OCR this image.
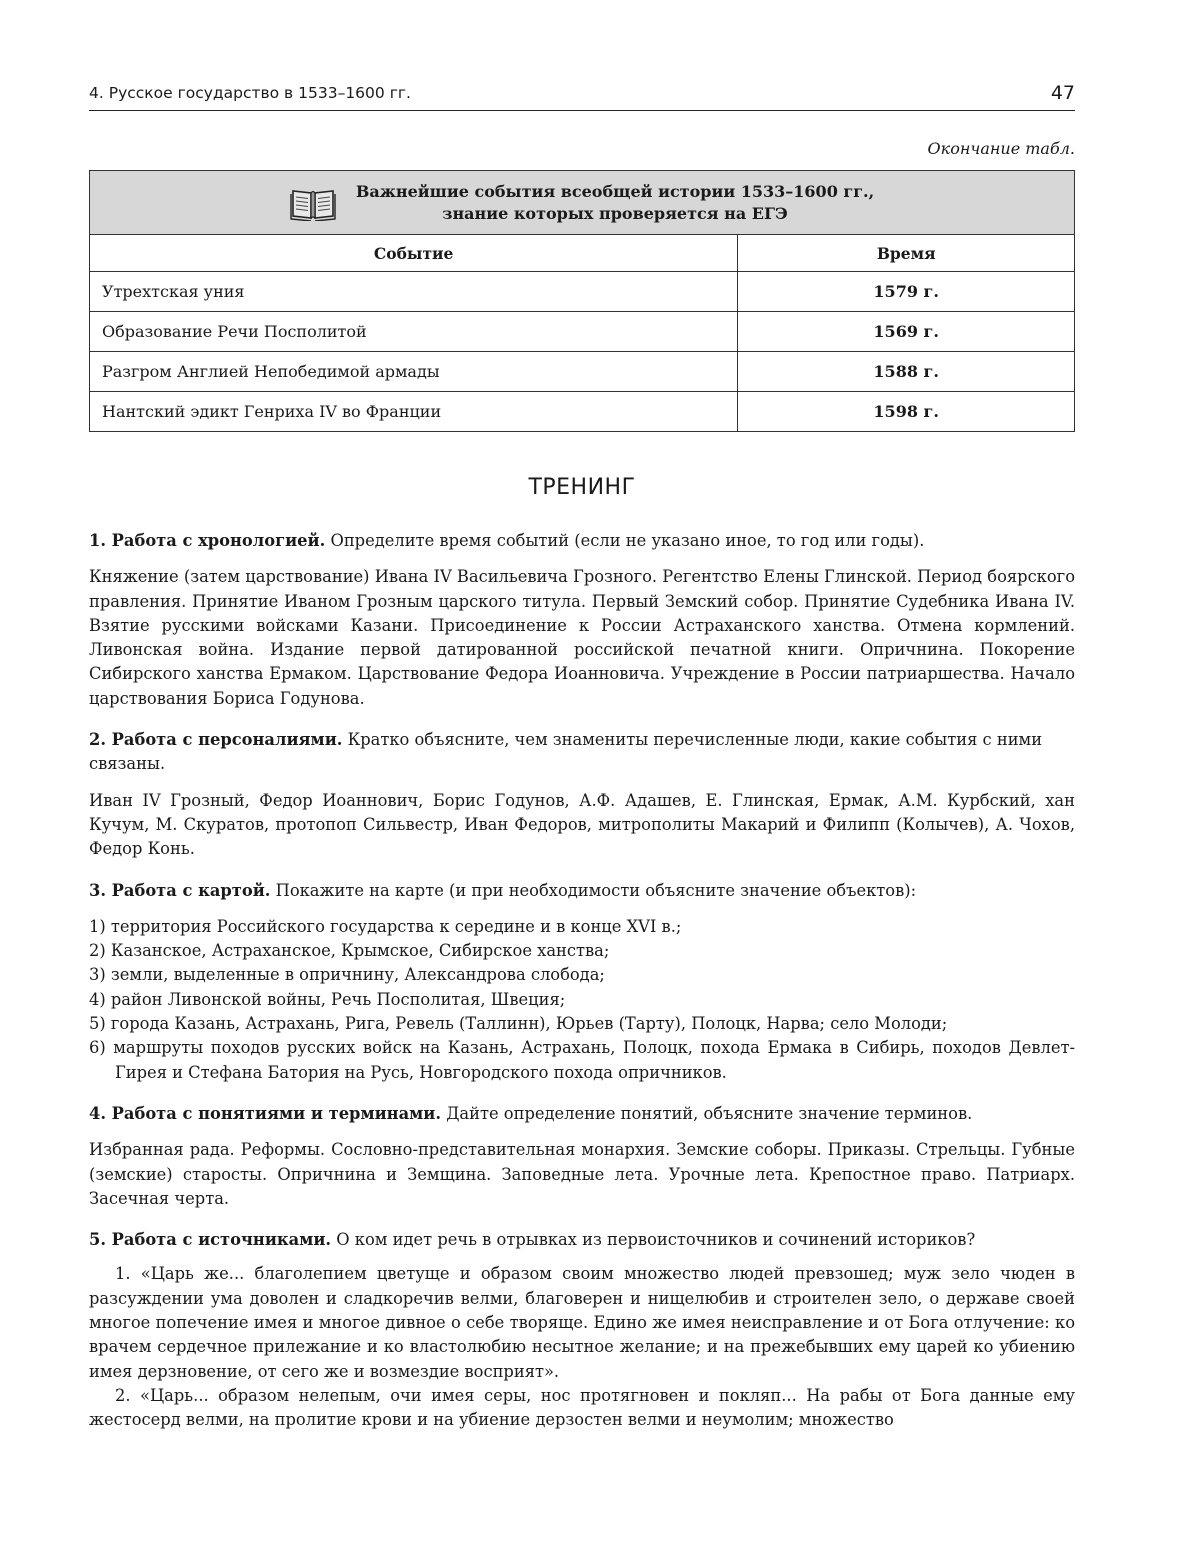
4. Русское государство в 1533–1600 гг.	47
Окончание табл.
Важнейшие события всеобщей истории 1533–1600 гг.,
знание которых проверяется на ЕГЭ	

Событие	Время
Утрехтская уния	1579 г.
Образование Речи Посполитой	1569 г.
Разгром Англией Непобедимой армады	1588 г.
Нантский эдикт Генриха IV во Франции	1598 г.
ТРЕНИНГ

1. Работа с хронологией. Определите время событий (если не указано иное, то год или годы).

Княжение (затем царствование) Ивана IV Васильевича Грозного. Регентство Елены Глинской. Период боярского правления. Принятие Иваном Грозным царского титула. Первый Земский собор. Принятие Судебника Ивана IV. Взятие русскими войсками Казани. Присоединение к России Астраханского ханства. Отмена кормлений. Ливонская война. Издание первой датированной российской печатной книги. Опричнина. Покорение Сибирского ханства Ермаком. Царствование Федора Иоанновича. Учреждение в России патриаршества. Начало царствования Бориса Годунова.

2. Работа с персоналиями. Кратко объясните, чем знамениты перечисленные люди, какие события с ними связаны.

Иван IV Грозный, Федор Иоаннович, Борис Годунов, А.Ф. Адашев, Е. Глинская, Ермак, А.М. Курбский, хан Кучум, М. Скуратов, протопоп Сильвестр, Иван Федоров, митрополиты Макарий и Филипп (Колычев), А. Чохов, Федор Конь.

3. Работа с картой. Покажите на карте (и при необходимости объясните значение объектов):

1) территория Российского государства к середине и в конце XVI в.;
2) Казанское, Астраханское, Крымское, Сибирское ханства;
3) земли, выделенные в опричнину, Александрова слобода;
4) район Ливонской войны, Речь Посполитая, Швеция;
5) города Казань, Астрахань, Рига, Ревель (Таллинн), Юрьев (Тарту), Полоцк, Нарва; село Молоди;
6) маршруты походов русских войск на Казань, Астрахань, Полоцк, похода Ермака в Сибирь, походов Девлет-Гирея и Стефана Батория на Русь, Новгородского похода опричников.

4. Работа с понятиями и терминами. Дайте определение понятий, объясните значение терминов.

Избранная рада. Реформы. Сословно-представительная монархия. Земские соборы. Приказы. Стрельцы. Губные (земские) старосты. Опричнина и Земщина. Заповедные лета. Урочные лета. Крепостное право. Патриарх. Засечная черта.

5. Работа с источниками. О ком идет речь в отрывках из первоисточников и сочинений историков?

1. «Царь же... благолепием цветуще и образом своим множество людей превзошед; муж зело чюден в разсуждении ума доволен и сладкоречив велми, благоверен и нищелюбив и строителен зело, о державе своей многое попечение имея и многое дивное о себе творяще. Едино же имея неисправление и от Бога отлучение: ко врачем сердечное прилежание и ко властолюбию несытное желание; и на прежебывших ему царей ко убиению имея дерзновение, от сего же и возмездие восприят».

2. «Царь... образом нелепым, очи имея серы, нос протягновен и покляп... На рабы от Бога данные ему жестосерд велми, на пролитие крови и на убиение дерзостен велми и неумолим; множество
